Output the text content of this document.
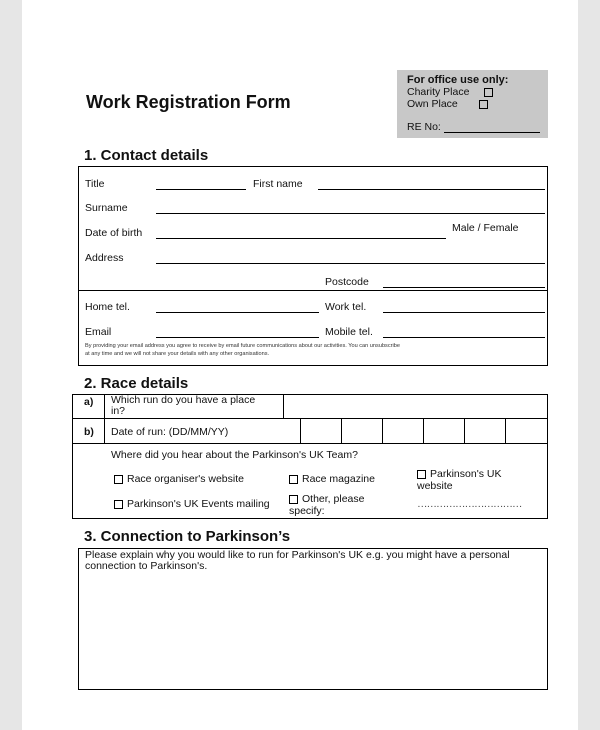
For office use only:
Charity Place
Own Place
RE No:
Work Registration Form
1. Contact details
Title	First name
Surname
Date of birth	Male / Female
Address
Postcode
Home tel.	Work tel.
Email	Mobile tel.
By providing your email address you agree to receive by email future communications about our activities. You can unsubscribe
at any time and we will not share your details with any other organisations.
2. Race details
a) Which run do you have a place
in?
b) Date of run: (DD/MM/YY)
Where did you hear about the Parkinson's UK Team?
Race organiser's website	Race magazine	Parkinson's UK
website
Parkinson's UK Events mailing	Other, please
specify:
……………………………
3. Connection to Parkinson’s
Please explain why you would like to run for Parkinson's UK e.g. you might have a personal
connection to Parkinson's.
